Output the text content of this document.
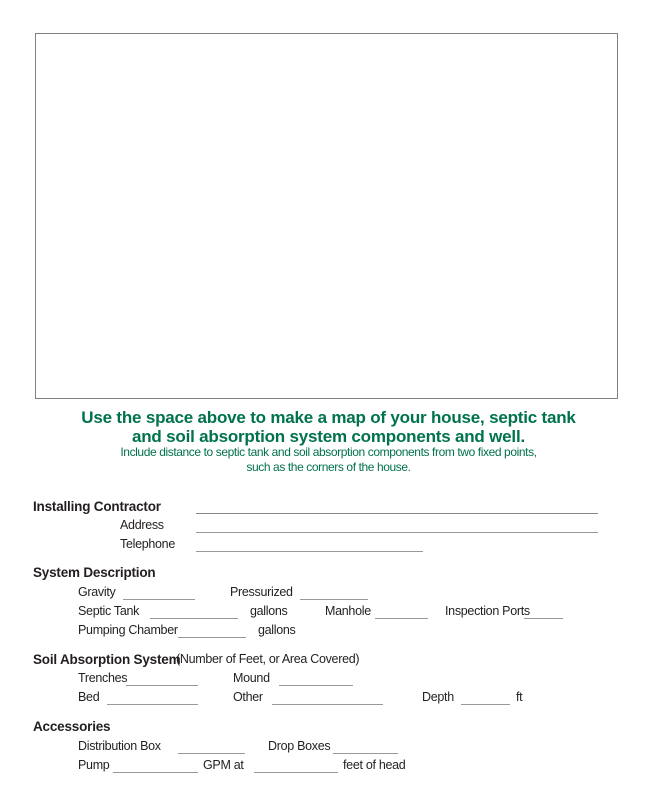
Use the space above to make a map of your house, septic tank
and soil absorption system components and well.
Include distance to septic tank and soil absorption components from two fixed points,
such as the corners of the house.
Installing Contractor
Address
Telephone
System Description
Gravity	Pressurized
Septic Tank	gallons	Manhole	Inspection Ports
Pumping Chamber	gallons
Soil Absorption System
(Number of Feet, or Area Covered)
Trenches	Mound
Bed	Other	Depth	ft
Accessories
Distribution Box	Drop Boxes
Pump	GPM at	feet of head
